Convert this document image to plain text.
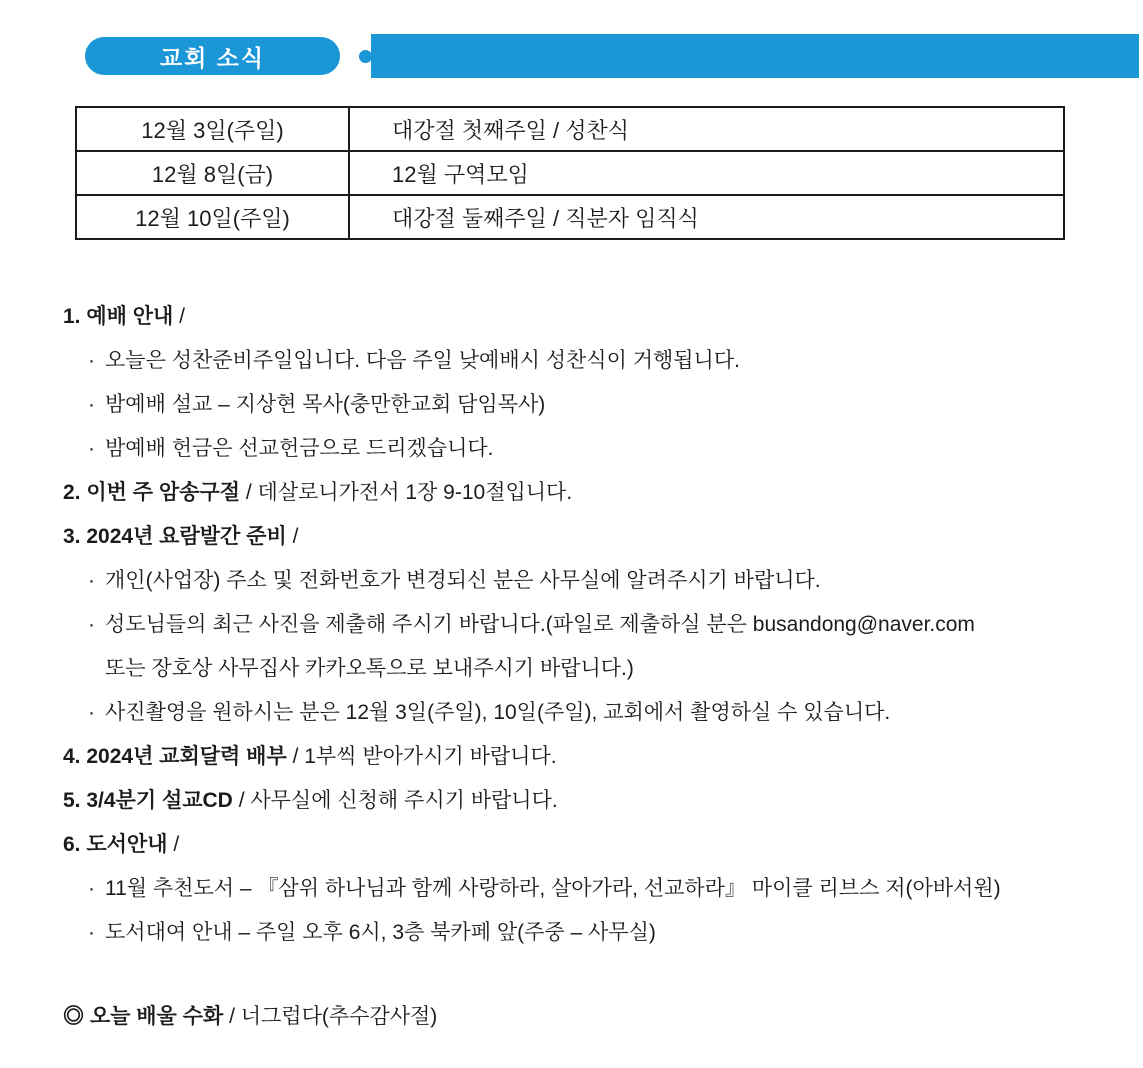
교회 소식
12월 3일(주일)	대강절 첫째주일 / 성찬식
12월 8일(금)	12월 구역모임
12월 10일(주일)	대강절 둘째주일 / 직분자 임직식
1. 예배 안내 /
· 오늘은 성찬준비주일입니다. 다음 주일 낮예배시 성찬식이 거행됩니다.
· 밤예배 설교 – 지상현 목사(충만한교회 담임목사)
· 밤예배 헌금은 선교헌금으로 드리겠습니다.
2. 이번 주 암송구절 / 데살로니가전서 1장 9-10절입니다.
3. 2024년 요람발간 준비 /
· 개인(사업장) 주소 및 전화번호가 변경되신 분은 사무실에 알려주시기 바랍니다.
· 성도님들의 최근 사진을 제출해 주시기 바랍니다.(파일로 제출하실 분은 busandong@naver.com
또는 장호상 사무집사 카카오톡으로 보내주시기 바랍니다.)
· 사진촬영을 원하시는 분은 12월 3일(주일), 10일(주일), 교회에서 촬영하실 수 있습니다.
4. 2024년 교회달력 배부 / 1부씩 받아가시기 바랍니다.
5. 3/4분기 설교CD / 사무실에 신청해 주시기 바랍니다.
6. 도서안내 /
· 11월 추천도서 – 『삼위 하나님과 함께 사랑하라, 살아가라, 선교하라』 마이클 리브스 저(아바서원)
· 도서대여 안내 – 주일 오후 6시, 3층 북카페 앞(주중 – 사무실)
◎ 오늘 배울 수화 / 너그럽다(추수감사절)
